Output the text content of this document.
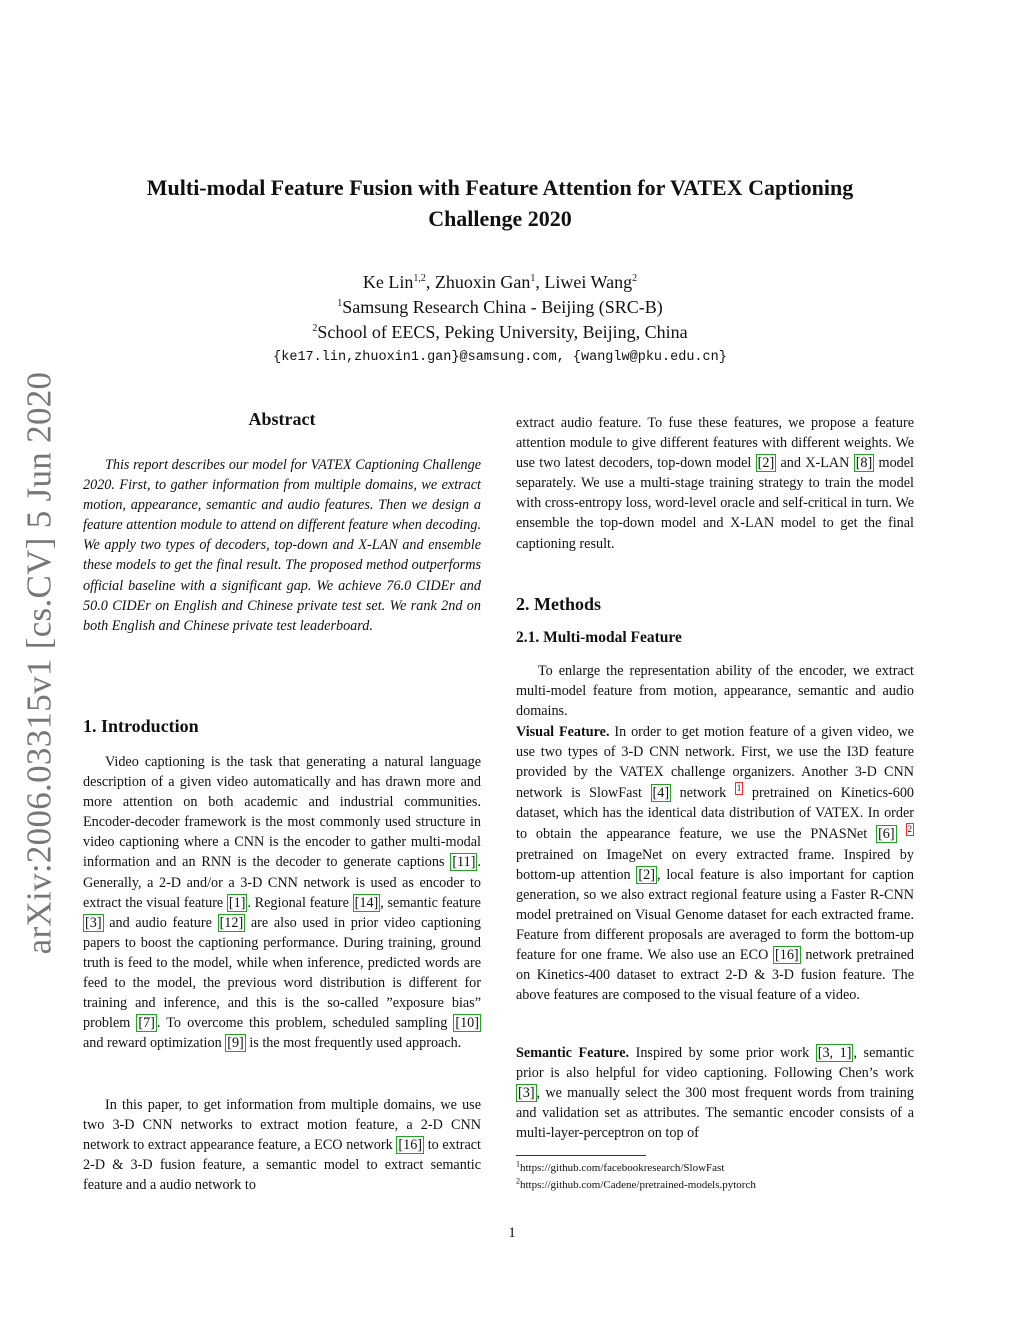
arXiv:2006.03315v1 [cs.CV] 5 Jun 2020
Multi-modal Feature Fusion with Feature Attention for VATEX Captioning
Challenge 2020
Ke Lin$^{1,2}$, Zhuoxin Gan$^1$, Liwei Wang$^2$
$^1$Samsung Research China - Beijing (SRC-B)
$^2$School of EECS, Peking University, Beijing, China
{ke17.lin,zhuoxin1.gan}@samsung.com, {wanglw@pku.edu.cn}
Abstract

This report describes our model for VATEX Captioning Challenge 2020. First, to gather information from multiple domains, we extract motion, appearance, semantic and audio features. Then we design a feature attention module to attend on different feature when decoding. We apply two types of decoders, top-down and X-LAN and ensemble these models to get the final result. The proposed method outperforms official baseline with a significant gap. We achieve 76.0 CIDEr and 50.0 CIDEr on English and Chinese private test set. We rank 2nd on both English and Chinese private test leaderboard.

1. Introduction

Video captioning is the task that generating a natural language description of a given video automatically and has drawn more and more attention on both academic and industrial communities. Encoder-decoder framework is the most commonly used structure in video captioning where a CNN is the encoder to gather multi-modal information and an RNN is the decoder to generate captions [11] . Generally, a 2-D and/or a 3-D CNN network is used as encoder to extract the visual feature [1] . Regional feature [14] , semantic feature [3] and audio feature [12] are also used in prior video captioning papers to boost the captioning performance. During training, ground truth is feed to the model, while when inference, predicted words are feed to the model, the previous word distribution is different for training and inference, and this is the so-called ”exposure bias” problem [7] . To overcome this problem, scheduled sampling [10] and reward optimization [9] is the most frequently used approach.

In this paper, to get information from multiple domains, we use two 3-D CNN networks to extract motion feature, a 2-D CNN network to extract appearance feature, a ECO network [16] to extract 2-D & 3-D fusion feature, a semantic model to extract semantic feature and a audio network to

extract audio feature. To fuse these features, we propose a feature attention module to give different features with different weights. We use two latest decoders, top-down model [2] and X-LAN [8] model separately. We use a multi-stage training strategy to train the model with cross-entropy loss, word-level oracle and self-critical in turn. We ensemble the top-down model and X-LAN model to get the final captioning result.

2. Methods
2.1. Multi-modal Feature

To enlarge the representation ability of the encoder, we extract multi-model feature from motion, appearance, semantic and audio domains.

Visual Feature. In order to get motion feature of a given video, we use two types of 3-D CNN network. First, we use the I3D feature provided by the VATEX challenge organizers. Another 3-D CNN network is SlowFast [4] network 1 pretrained on Kinetics-600 dataset, which has the identical data distribution of VATEX. In order to obtain the appearance feature, we use the PNASNet [6] 2 pretrained on ImageNet on every extracted frame. Inspired by bottom-up attention [2] , local feature is also important for caption generation, so we also extract regional feature using a Faster R-CNN model pretrained on Visual Genome dataset for each extracted frame. Feature from different proposals are averaged to form the bottom-up feature for one frame. We also use an ECO [16] network pretrained on Kinetics-400 dataset to extract 2-D & 3-D fusion feature. The above features are composed to the visual feature of a video.

Semantic Feature. Inspired by some prior work [3, 1] , semantic prior is also helpful for video captioning. Following Chen’s work [3] , we manually select the 300 most frequent words from training and validation set as attributes. The semantic encoder consists of a multi-layer-perceptron on top of

$^1$https://github.com/facebookresearch/SlowFast
$^2$https://github.com/Cadene/pretrained-models.pytorch
1
